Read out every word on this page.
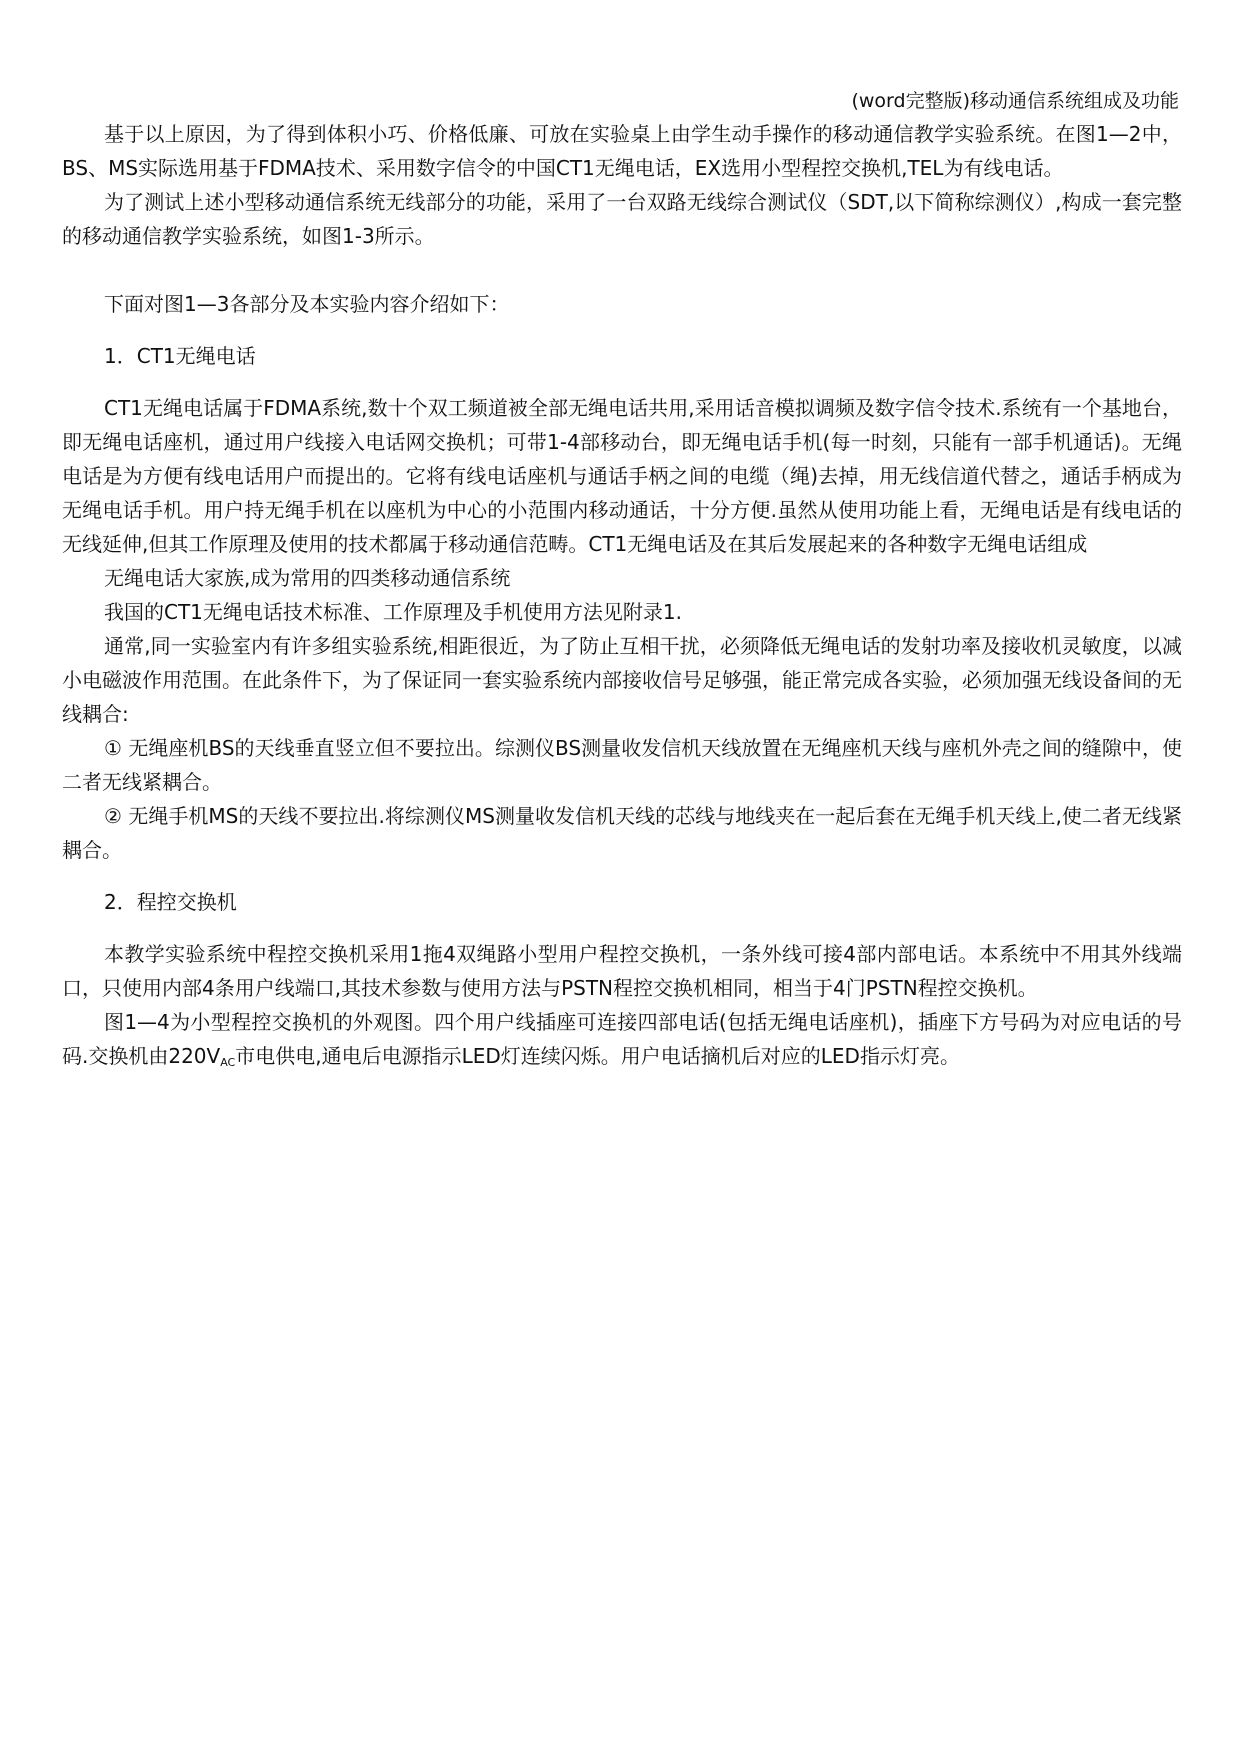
(word完整版)移动通信系统组成及功能

基于以上原因，为了得到体积小巧、价格低廉、可放在实验桌上由学生动手操作的移动通信教学实验系统。在图1—2中，BS、MS实际选用基于FDMA技术、采用数字信令的中国CT1无绳电话，EX选用小型程控交换机,TEL为有线电话。

为了测试上述小型移动通信系统无线部分的功能，采用了一台双路无线综合测试仪（SDT,以下简称综测仪）,构成一套完整的移动通信教学实验系统，如图1-3所示。

下面对图1—3各部分及本实验内容介绍如下：

1．CT1无绳电话

CT1无绳电话属于FDMA系统,数十个双工频道被全部无绳电话共用,采用话音模拟调频及数字信令技术.系统有一个基地台，即无绳电话座机，通过用户线接入电话网交换机；可带1-4部移动台，即无绳电话手机(每一时刻，只能有一部手机通话)。无绳电话是为方便有线电话用户而提出的。它将有线电话座机与通话手柄之间的电缆（绳)去掉，用无线信道代替之，通话手柄成为无绳电话手机。用户持无绳手机在以座机为中心的小范围内移动通话，十分方便.虽然从使用功能上看，无绳电话是有线电话的无线延伸,但其工作原理及使用的技术都属于移动通信范畴。CT1无绳电话及在其后发展起来的各种数字无绳电话组成

无绳电话大家族,成为常用的四类移动通信系统

我国的CT1无绳电话技术标准、工作原理及手机使用方法见附录1.

通常,同一实验室内有许多组实验系统,相距很近，为了防止互相干扰，必须降低无绳电话的发射功率及接收机灵敏度，以减小电磁波作用范围。在此条件下，为了保证同一套实验系统内部接收信号足够强，能正常完成各实验，必须加强无线设备间的无线耦合:

① 无绳座机BS的天线垂直竖立但不要拉出。综测仪BS测量收发信机天线放置在无绳座机天线与座机外壳之间的缝隙中，使二者无线紧耦合。

② 无绳手机MS的天线不要拉出.将综测仪MS测量收发信机天线的芯线与地线夹在一起后套在无绳手机天线上,使二者无线紧耦合。

2．程控交换机

本教学实验系统中程控交换机采用1拖4双绳路小型用户程控交换机，一条外线可接4部内部电话。本系统中不用其外线端口，只使用内部4条用户线端口,其技术参数与使用方法与PSTN程控交换机相同，相当于4门PSTN程控交换机。

图1—4为小型程控交换机的外观图。四个用户线插座可连接四部电话(包括无绳电话座机)，插座下方号码为对应电话的号码.交换机由$220V_{AC}$市电供电,通电后电源指示LED灯连续闪烁。用户电话摘机后对应的LED指示灯亮。
